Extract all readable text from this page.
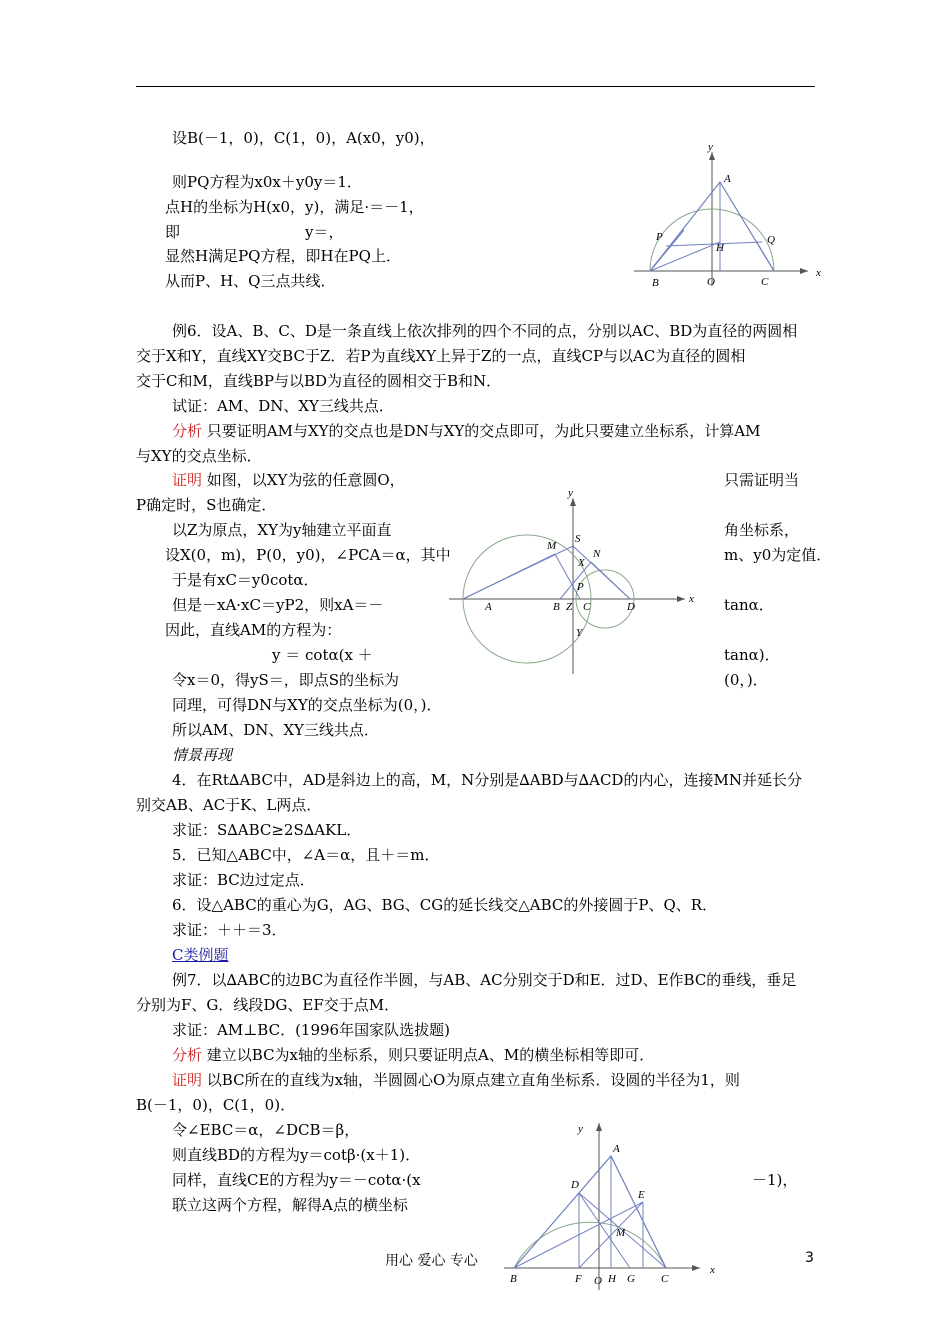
设B(－1，0)，C(1，0)，A(x0，y0)，
则PQ方程为x0x＋y0y＝1．
点H的坐标为H(x0，y)，满足·＝－1，
即	y＝，
显然H满足PQ方程，即H在PQ上．
从而P、H、Q三点共线．
y
x
A
P
H
Q
B	O	C
例6．设A、B、C、D是一条直线上依次排列的四个不同的点，分别以AC、BD为直径的两圆相
交于X和Y，直线XY交BC于Z．若P为直线XY上异于Z的一点，直线CP与以AC为直径的圆相
交于C和M，直线BP与以BD为直径的圆相交于B和N．
试证：AM、DN、XY三线共点．
分析 只要证明AM与XY的交点也是DN与XY的交点即可，为此只要建立坐标系，计算AM
与XY的交点坐标．
证明 如图，以XY为弦的任意圆O，	只需证明当
P确定时，S也确定．
以Z为原点，XY为y轴建立平面直	角坐标系，
设X(0，m)，P(0，y0)，∠PCA＝α，其中	m、y0为定值．
于是有xC＝y0cotα．
但是－xA·xC＝yP2，则xA＝－	tanα．
因此，直线AM的方程为：
y ＝ cotα(x ＋	tanα)．
令x＝0，得yS＝，即点S的坐标为	(0，)．
同理，可得DN与XY的交点坐标为(0，)．
所以AM、DN、XY三线共点．
S
M
N
X
P
A	B Z C	D
Y
y
x
情景再现
4．在Rt∆ABC中，AD是斜边上的高，M，N分别是∆ABD与∆ACD的内心，连接MN并延长分
别交AB、AC于K、L两点．
求证：S∆ABC≥2S∆AKL．
5．已知△ABC中，∠A＝α，且＋＝m．
求证：BC边过定点．
6．设△ABC的重心为G，AG、BG、CG的延长线交△ABC的外接圆于P、Q、R．
求证：＋＋＝3．
C类例题
例7．以∆ABC的边BC为直径作半圆，与AB、AC分别交于D和E．过D、E作BC的垂线，垂足
分别为F、G．线段DG、EF交于点M．
求证：AM⊥BC．(1996年国家队选拔题)
分析 建立以BC为x轴的坐标系，则只要证明点A、M的横坐标相等即可．
证明 以BC所在的直线为x轴，半圆圆心O为原点建立直角坐标系．设圆的半径为1，则
B(－1，0)，C(1，0)．
令∠EBC＝α，∠DCB＝β，
则直线BD的方程为y＝cotβ·(x＋1)．
同样，直线CE的方程为y＝－cotα·(x	－1)，
联立这两个方程，解得A点的横坐标
y
A
D
E
M
x
B	F O H G C
用心 爱心 专心	3
